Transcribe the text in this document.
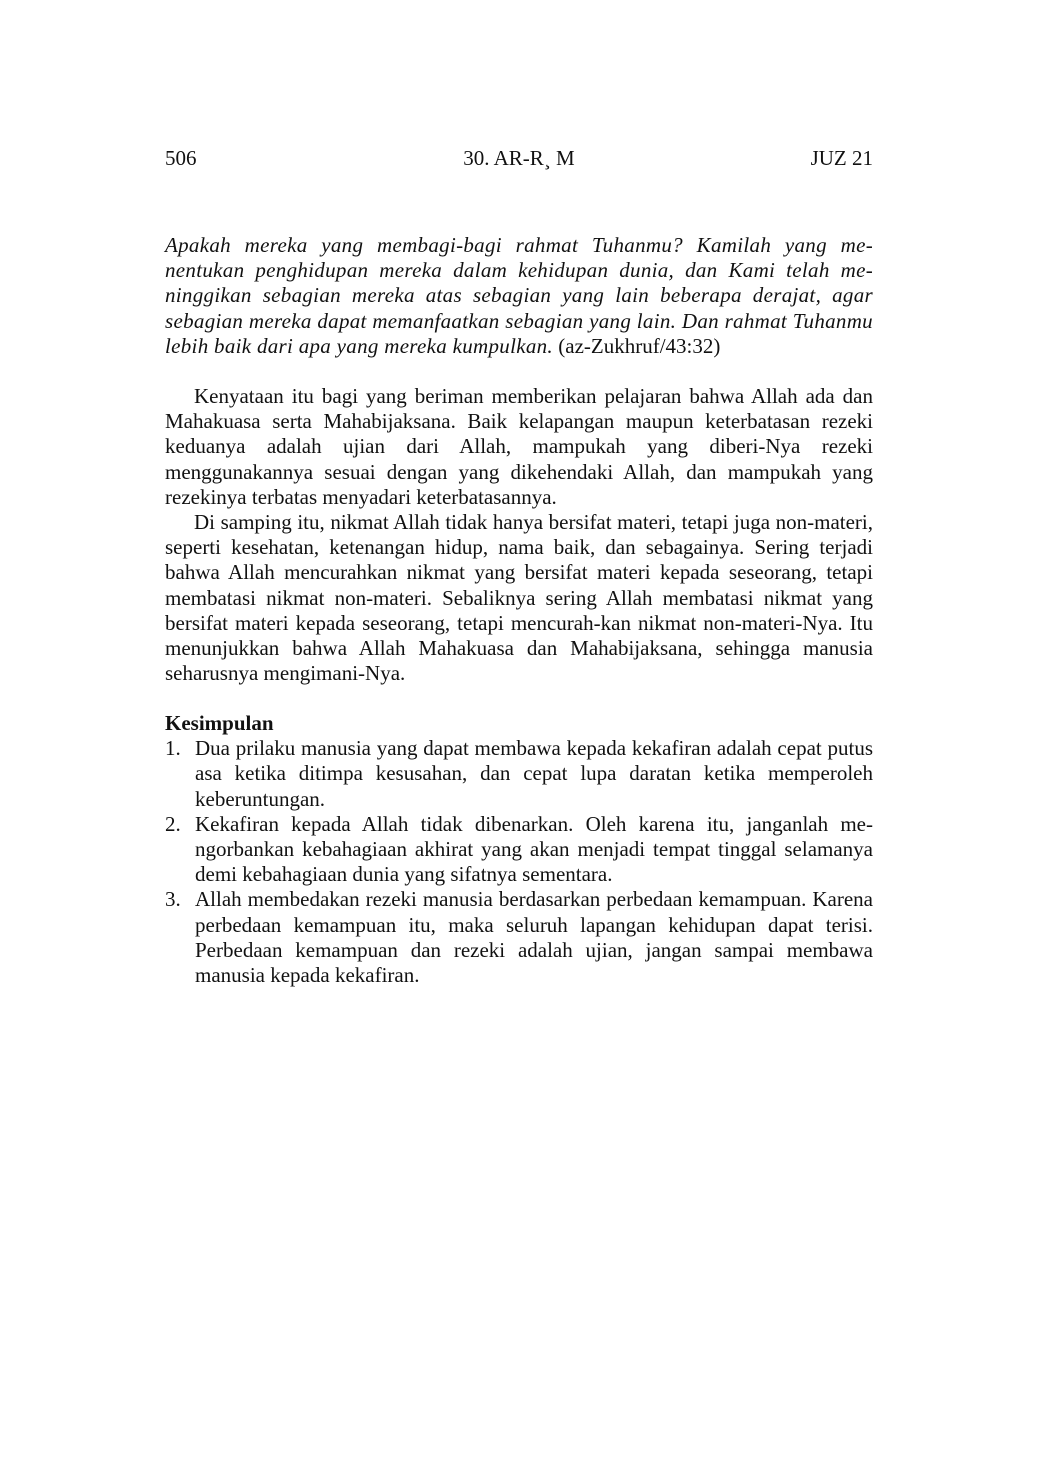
506	30. AR-R¸ M	JUZ 21

Apakah mereka yang membagi-bagi rahmat Tuhanmu? Kamilah yang me-nentukan penghidupan mereka dalam kehidupan dunia, dan Kami telah me-ninggikan sebagian mereka atas sebagian yang lain beberapa derajat, agar sebagian mereka dapat memanfaatkan sebagian yang lain. Dan rahmat Tuhanmu lebih baik dari apa yang mereka kumpulkan. (az-Zukhruf/43:32)

Kenyataan itu bagi yang beriman memberikan pelajaran bahwa Allah ada dan Mahakuasa serta Mahabijaksana. Baik kelapangan maupun keterbatasan rezeki keduanya adalah ujian dari Allah, mampukah yang diberi-Nya rezeki menggunakannya sesuai dengan yang dikehendaki Allah, dan mampukah yang rezekinya terbatas menyadari keterbatasannya.

Di samping itu, nikmat Allah tidak hanya bersifat materi, tetapi juga non-materi, seperti kesehatan, ketenangan hidup, nama baik, dan sebagainya. Sering terjadi bahwa Allah mencurahkan nikmat yang bersifat materi kepada seseorang, tetapi membatasi nikmat non-materi. Sebaliknya sering Allah membatasi nikmat yang bersifat materi kepada seseorang, tetapi mencurah-kan nikmat non-materi-Nya. Itu menunjukkan bahwa Allah Mahakuasa dan Mahabijaksana, sehingga manusia seharusnya mengimani-Nya.

Kesimpulan
1. Dua prilaku manusia yang dapat membawa kepada kekafiran adalah cepat putus asa ketika ditimpa kesusahan, dan cepat lupa daratan ketika memperoleh keberuntungan.
2. Kekafiran kepada Allah tidak dibenarkan. Oleh karena itu, janganlah me-ngorbankan kebahagiaan akhirat yang akan menjadi tempat tinggal selamanya demi kebahagiaan dunia yang sifatnya sementara.
3. Allah membedakan rezeki manusia berdasarkan perbedaan kemampuan. Karena perbedaan kemampuan itu, maka seluruh lapangan kehidupan dapat terisi. Perbedaan kemampuan dan rezeki adalah ujian, jangan sampai membawa manusia kepada kekafiran.
